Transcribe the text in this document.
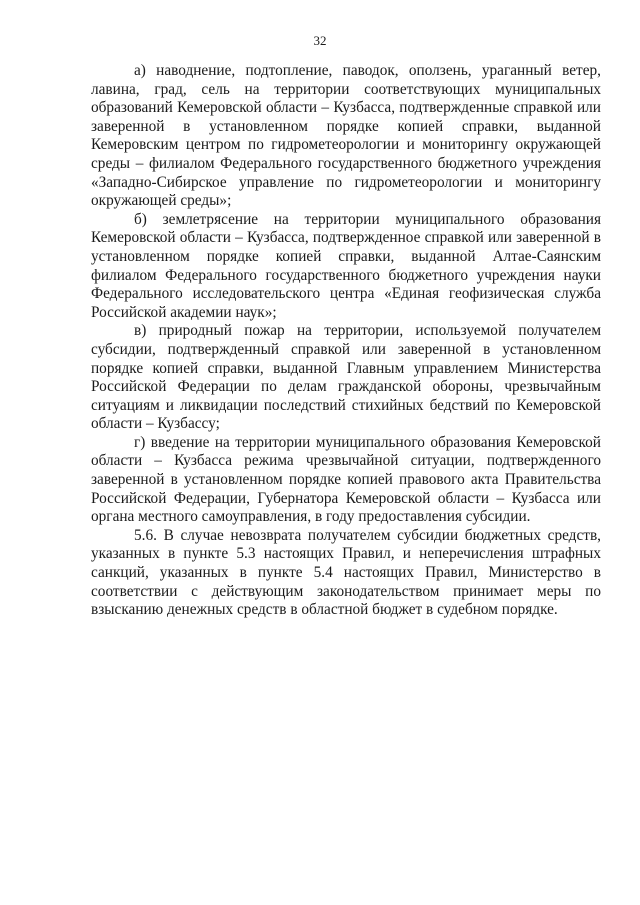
32

а) наводнение, подтопление, паводок, оползень, ураганный ветер, лавина, град, сель на территории соответствующих муниципальных образований Кемеровской области – Кузбасса, подтвержденные справкой или заверенной в установленном порядке копией справки, выданной Кемеровским центром по гидрометеорологии и мониторингу окружающей среды – филиалом Федерального государственного бюджетного учреждения «Западно-Сибирское управление по гидрометеорологии и мониторингу окружающей среды»;

б) землетрясение на территории муниципального образования Кемеровской области – Кузбасса, подтвержденное справкой или заверенной в установленном порядке копией справки, выданной Алтае-Саянским филиалом Федерального государственного бюджетного учреждения науки Федерального исследовательского центра «Единая геофизическая служба Российской академии наук»;

в) природный пожар на территории, используемой получателем субсидии, подтвержденный справкой или заверенной в установленном порядке копией справки, выданной Главным управлением Министерства Российской Федерации по делам гражданской обороны, чрезвычайным ситуациям и ликвидации последствий стихийных бедствий по Кемеровской области – Кузбассу;

г) введение на территории муниципального образования Кемеровской области – Кузбасса режима чрезвычайной ситуации, подтвержденного заверенной в установленном порядке копией правового акта Правительства Российской Федерации, Губернатора Кемеровской области – Кузбасса или органа местного самоуправления, в году предоставления субсидии.

5.6. В случае невозврата получателем субсидии бюджетных средств, указанных в пункте 5.3 настоящих Правил, и неперечисления штрафных санкций, указанных в пункте 5.4 настоящих Правил, Министерство в соответствии с действующим законодательством принимает меры по взысканию денежных средств в областной бюджет в судебном порядке.
